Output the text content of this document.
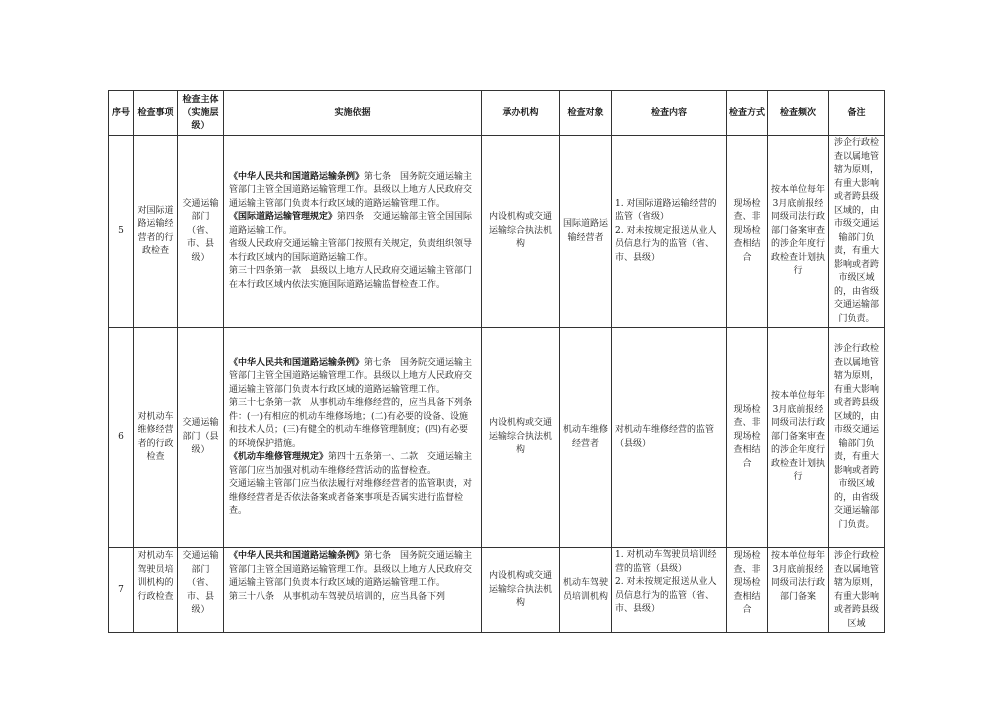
序号	检查事项	检查主体（实施层级）	实施依据	承办机构	检查对象	检查内容	检查方式	检查频次	备注
5	对国际道路运输经营者的行政检查	交通运输部门（省、市、县级）	《中华人民共和国道路运输条例》第七条　国务院交通运输主管部门主管全国道路运输管理工作。县级以上地方人民政府交通运输主管部门负责本行政区域的道路运输管理工作。
《国际道路运输管理规定》第四条　交通运输部主管全国国际道路运输工作。
省级人民政府交通运输主管部门按照有关规定，负责组织领导本行政区域内的国际道路运输工作。
第三十四条第一款　县级以上地方人民政府交通运输主管部门在本行政区域内依法实施国际道路运输监督检查工作。	内设机构或交通运输综合执法机构	国际道路运输经营者	1. 对国际道路运输经营的监管（省级）
2. 对未按规定报送从业人员信息行为的监管（省、市、县级）	现场检查、非现场检查相结合	按本单位每年3月底前报经同级司法行政部门备案审查的涉企年度行政检查计划执行	涉企行政检查以属地管辖为原则，有重大影响或者跨县级区域的，由市级交通运输部门负责，有重大影响或者跨市级区域的，由省级交通运输部门负责。
6	对机动车维修经营者的行政检查	交通运输部门（县级）	《中华人民共和国道路运输条例》第七条　国务院交通运输主管部门主管全国道路运输管理工作。县级以上地方人民政府交通运输主管部门负责本行政区域的道路运输管理工作。
第三十七条第一款　从事机动车维修经营的，应当具备下列条件：(一)有相应的机动车维修场地；(二)有必要的设备、设施和技术人员；(三)有健全的机动车维修管理制度；(四)有必要的环境保护措施。
《机动车维修管理规定》第四十五条第一、二款　交通运输主管部门应当加强对机动车维修经营活动的监督检查。
交通运输主管部门应当依法履行对维修经营者的监管职责，对维修经营者是否依法备案或者备案事项是否属实进行监督检查。	内设机构或交通运输综合执法机构	机动车维修经营者	对机动车维修经营的监管（县级）	现场检查、非现场检查相结合	按本单位每年3月底前报经同级司法行政部门备案审查的涉企年度行政检查计划执行	涉企行政检查以属地管辖为原则，有重大影响或者跨县级区域的，由市级交通运输部门负责，有重大影响或者跨市级区域的，由省级交通运输部门负责。
7	对机动车驾驶员培训机构的行政检查	交通运输部门（省、市、县级）	《中华人民共和国道路运输条例》第七条　国务院交通运输主管部门主管全国道路运输管理工作。县级以上地方人民政府交通运输主管部门负责本行政区域的道路运输管理工作。
第三十八条　从事机动车驾驶员培训的，应当具备下列	内设机构或交通运输综合执法机构	机动车驾驶员培训机构	1. 对机动车驾驶员培训经营的监管（县级）
2. 对未按规定报送从业人员信息行为的监管（省、市、县级）	现场检查、非现场检查相结合	按本单位每年3月底前报经同级司法行政部门备案	涉企行政检查以属地管辖为原则，有重大影响或者跨县级区域
